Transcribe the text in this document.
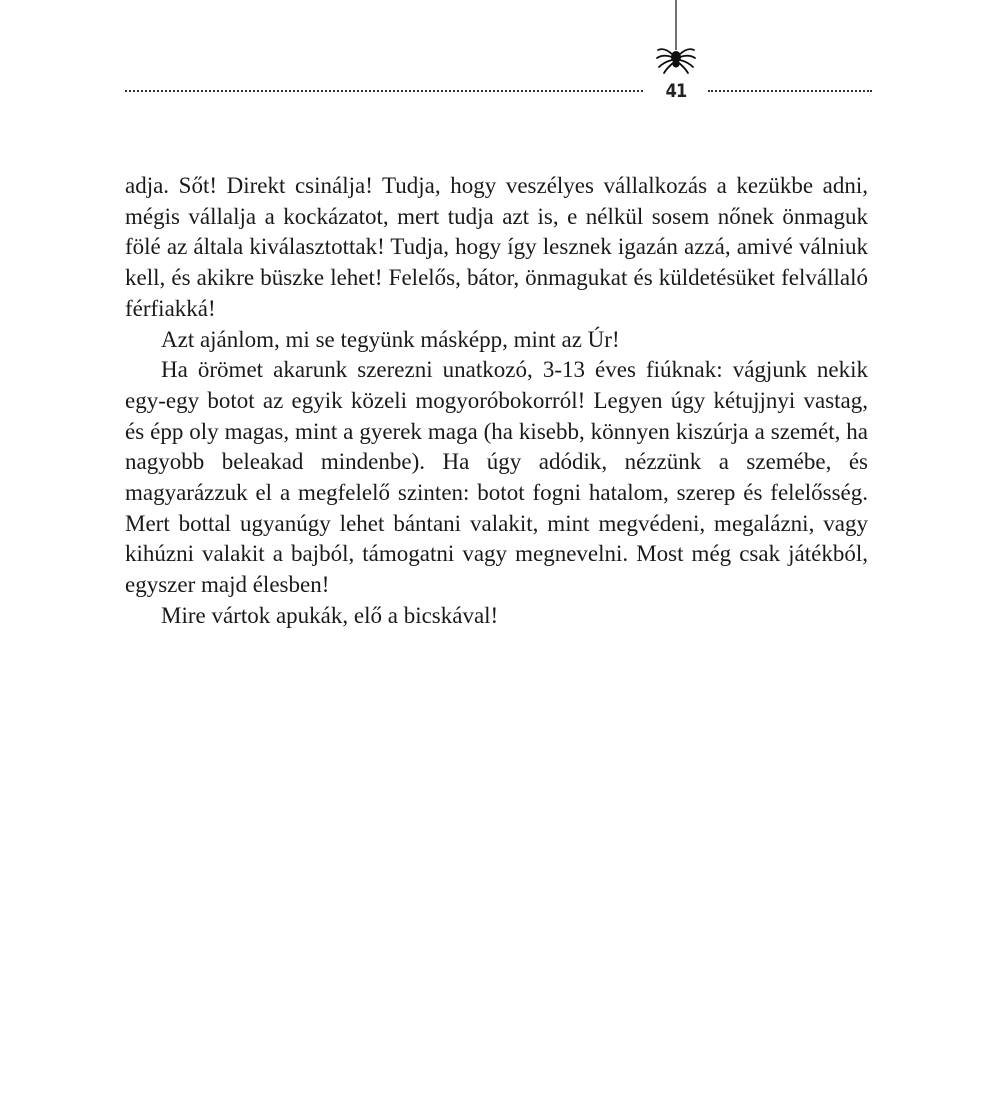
41

adja. Sőt! Direkt csinálja! Tudja, hogy veszélyes vállalkozás a kezükbe adni, mégis vállalja a kockázatot, mert tudja azt is, e nélkül sosem nőnek önmaguk fölé az általa kiválasztottak! Tudja, hogy így lesznek igazán azzá, amivé válniuk kell, és akikre büszke lehet! Felelős, bátor, önmagukat és küldetésüket felvállaló férfiakká!

Azt ajánlom, mi se tegyünk másképp, mint az Úr!

Ha örömet akarunk szerezni unatkozó, 3-13 éves fiúknak: vágjunk nekik egy-egy botot az egyik közeli mogyoróbokorról! Legyen úgy kétujjnyi vastag, és épp oly magas, mint a gyerek maga (ha kisebb, könnyen kiszúrja a szemét, ha nagyobb beleakad mindenbe). Ha úgy adódik, nézzünk a szemébe, és magyarázzuk el a megfelelő szinten: botot fogni hatalom, szerep és felelősség. Mert bottal ugyanúgy lehet bántani valakit, mint megvédeni, megalázni, vagy kihúzni valakit a bajból, támogatni vagy megnevelni. Most még csak játékból, egyszer majd élesben!

Mire vártok apukák, elő a bicskával!
